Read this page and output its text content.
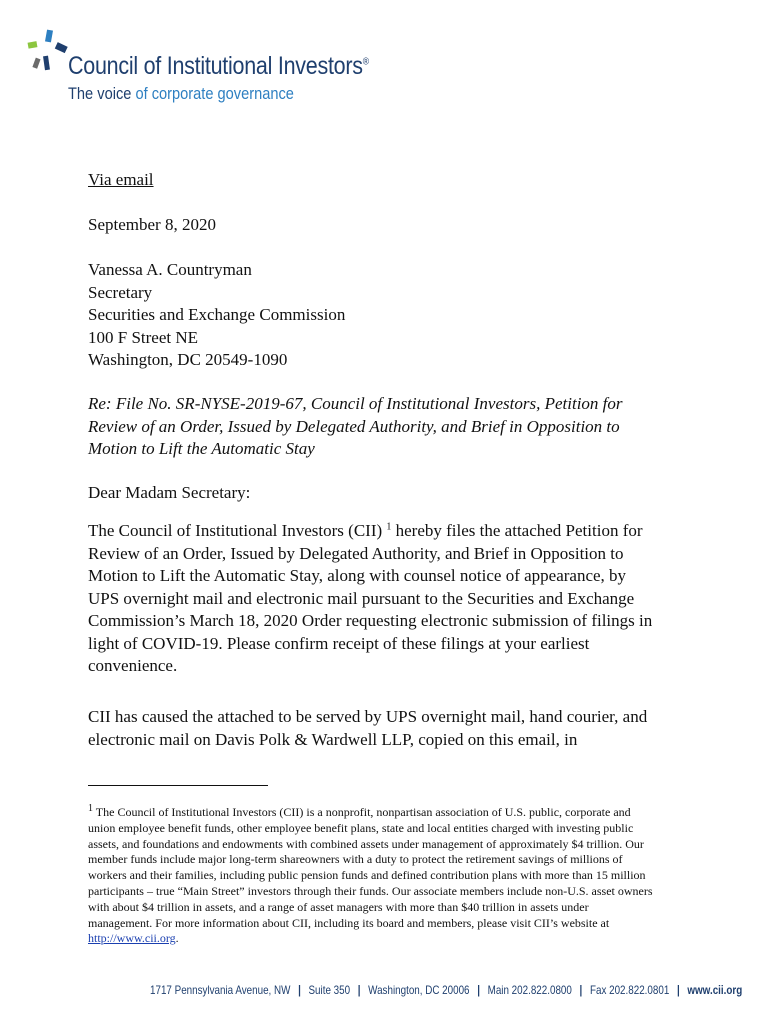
Council of Institutional Investors®
The voice of corporate governance
Via email
September 8, 2020
Vanessa A. Countryman
Secretary
Securities and Exchange Commission
100 F Street NE
Washington, DC 20549-1090
Re: File No. SR-NYSE-2019-67, Council of Institutional Investors, Petition for
Review of an Order, Issued by Delegated Authority, and Brief in Opposition to
Motion to Lift the Automatic Stay
Dear Madam Secretary:
The Council of Institutional Investors (CII) $^1$ hereby files the attached Petition for
Review of an Order, Issued by Delegated Authority, and Brief in Opposition to
Motion to Lift the Automatic Stay, along with counsel notice of appearance, by
UPS overnight mail and electronic mail pursuant to the Securities and Exchange
Commission’s March 18, 2020 Order requesting electronic submission of filings in
light of COVID-19. Please confirm receipt of these filings at your earliest
convenience.
CII has caused the attached to be served by UPS overnight mail, hand courier, and
electronic mail on Davis Polk & Wardwell LLP, copied on this email, in
$^1$ The Council of Institutional Investors (CII) is a nonprofit, nonpartisan association of U.S. public, corporate and
union employee benefit funds, other employee benefit plans, state and local entities charged with investing public
assets, and foundations and endowments with combined assets under management of approximately $4 trillion. Our
member funds include major long-term shareowners with a duty to protect the retirement savings of millions of
workers and their families, including public pension funds and defined contribution plans with more than 15 million
participants – true “Main Street” investors through their funds. Our associate members include non-U.S. asset owners
with about $4 trillion in assets, and a range of asset managers with more than $40 trillion in assets under
management. For more information about CII, including its board and members, please visit CII’s website at
http://www.cii.org.
1717 Pennsylvania Avenue, NW | Suite 350 | Washington, DC 20006 | Main 202.822.0800 | Fax 202.822.0801 | www.cii.org
